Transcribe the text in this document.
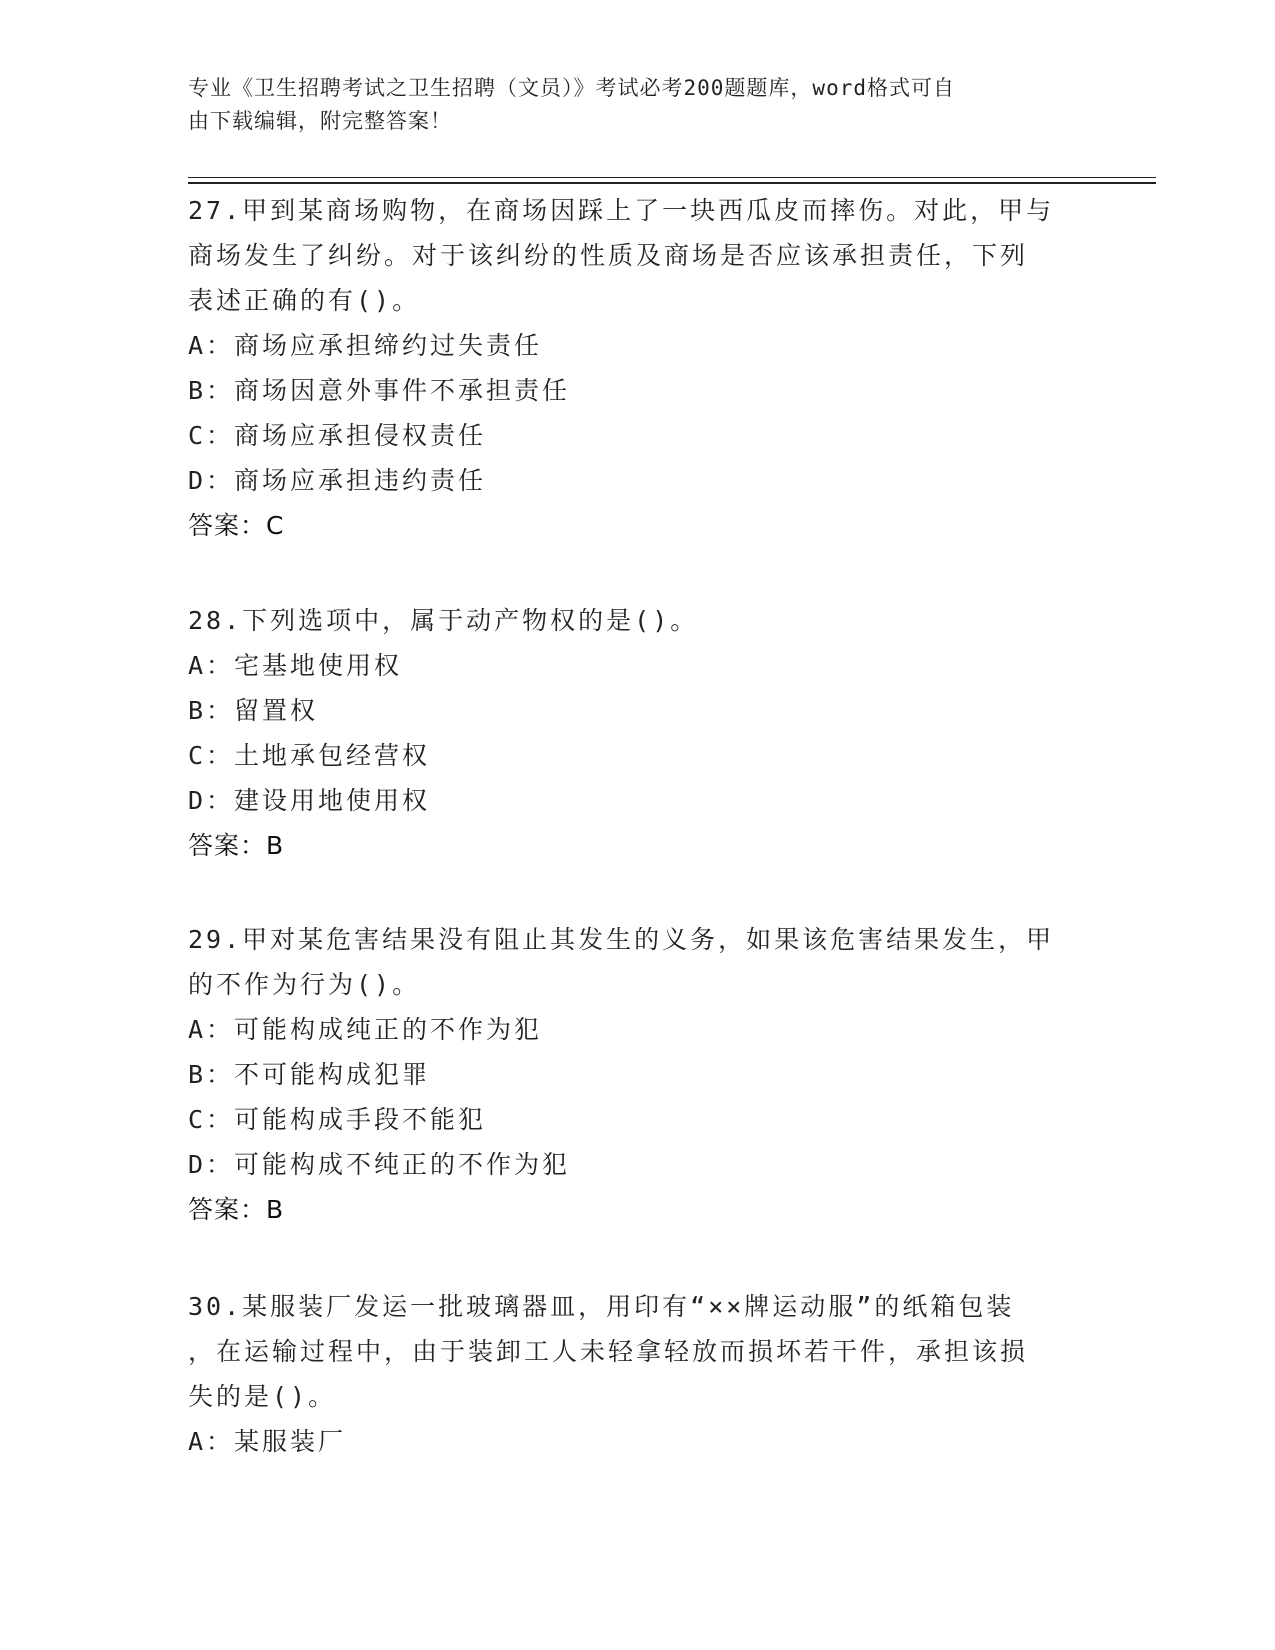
专业《卫生招聘考试之卫生招聘（文员）》考试必考200题题库，word格式可自
由下载编辑，附完整答案！

27.甲到某商场购物，在商场因踩上了一块西瓜皮而摔伤。对此，甲与

商场发生了纠纷。对于该纠纷的性质及商场是否应该承担责任，下列

表述正确的有()。

A：商场应承担缔约过失责任

B：商场因意外事件不承担责任

C：商场应承担侵权责任

D：商场应承担违约责任

答案：C

28.下列选项中，属于动产物权的是()。

A：宅基地使用权

B：留置权

C：土地承包经营权

D：建设用地使用权

答案：B

29.甲对某危害结果没有阻止其发生的义务，如果该危害结果发生，甲

的不作为行为()。

A：可能构成纯正的不作为犯

B：不可能构成犯罪

C：可能构成手段不能犯

D：可能构成不纯正的不作为犯

答案：B

30.某服装厂发运一批玻璃器皿，用印有“××牌运动服”的纸箱包装

，在运输过程中，由于装卸工人未轻拿轻放而损坏若干件，承担该损

失的是()。

A：某服装厂
